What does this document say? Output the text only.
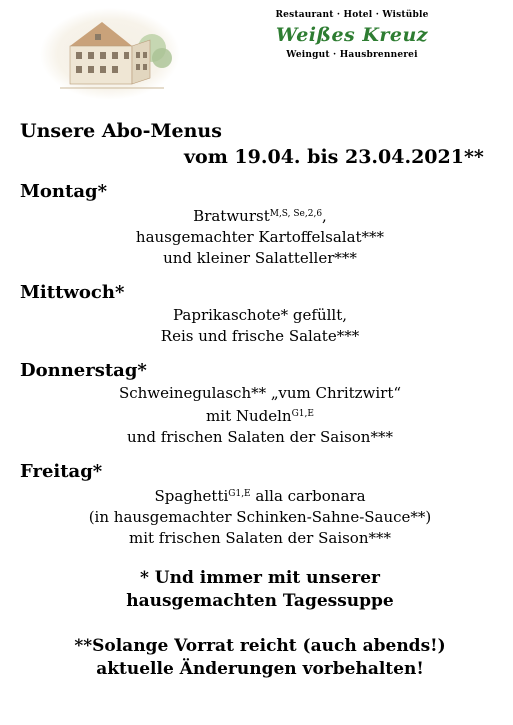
Restaurant · Hotel · Wistüble
Weißes Kreuz
Weingut · Hausbrennerei
Unsere Abo-Menus
vom 19.04. bis 23.04.2021**
Montag*
Bratwurst$^{M,S, Se,2,6}$,
hausgemachter Kartoffelsalat***
und kleiner Salatteller***
Mittwoch*
Paprikaschote* gefüllt,
Reis und frische Salate***
Donnerstag*
Schweinegulasch** „vum Chritzwirt“
mit Nudeln$^{G1,E}$
und frischen Salaten der Saison***
Freitag*
Spaghetti$^{G1,E}$ alla carbonara
(in hausgemachter Schinken-Sahne-Sauce**)
mit frischen Salaten der Saison***
* Und immer mit unserer
hausgemachten Tagessuppe
**Solange Vorrat reicht (auch abends!)
aktuelle Änderungen vorbehalten!
